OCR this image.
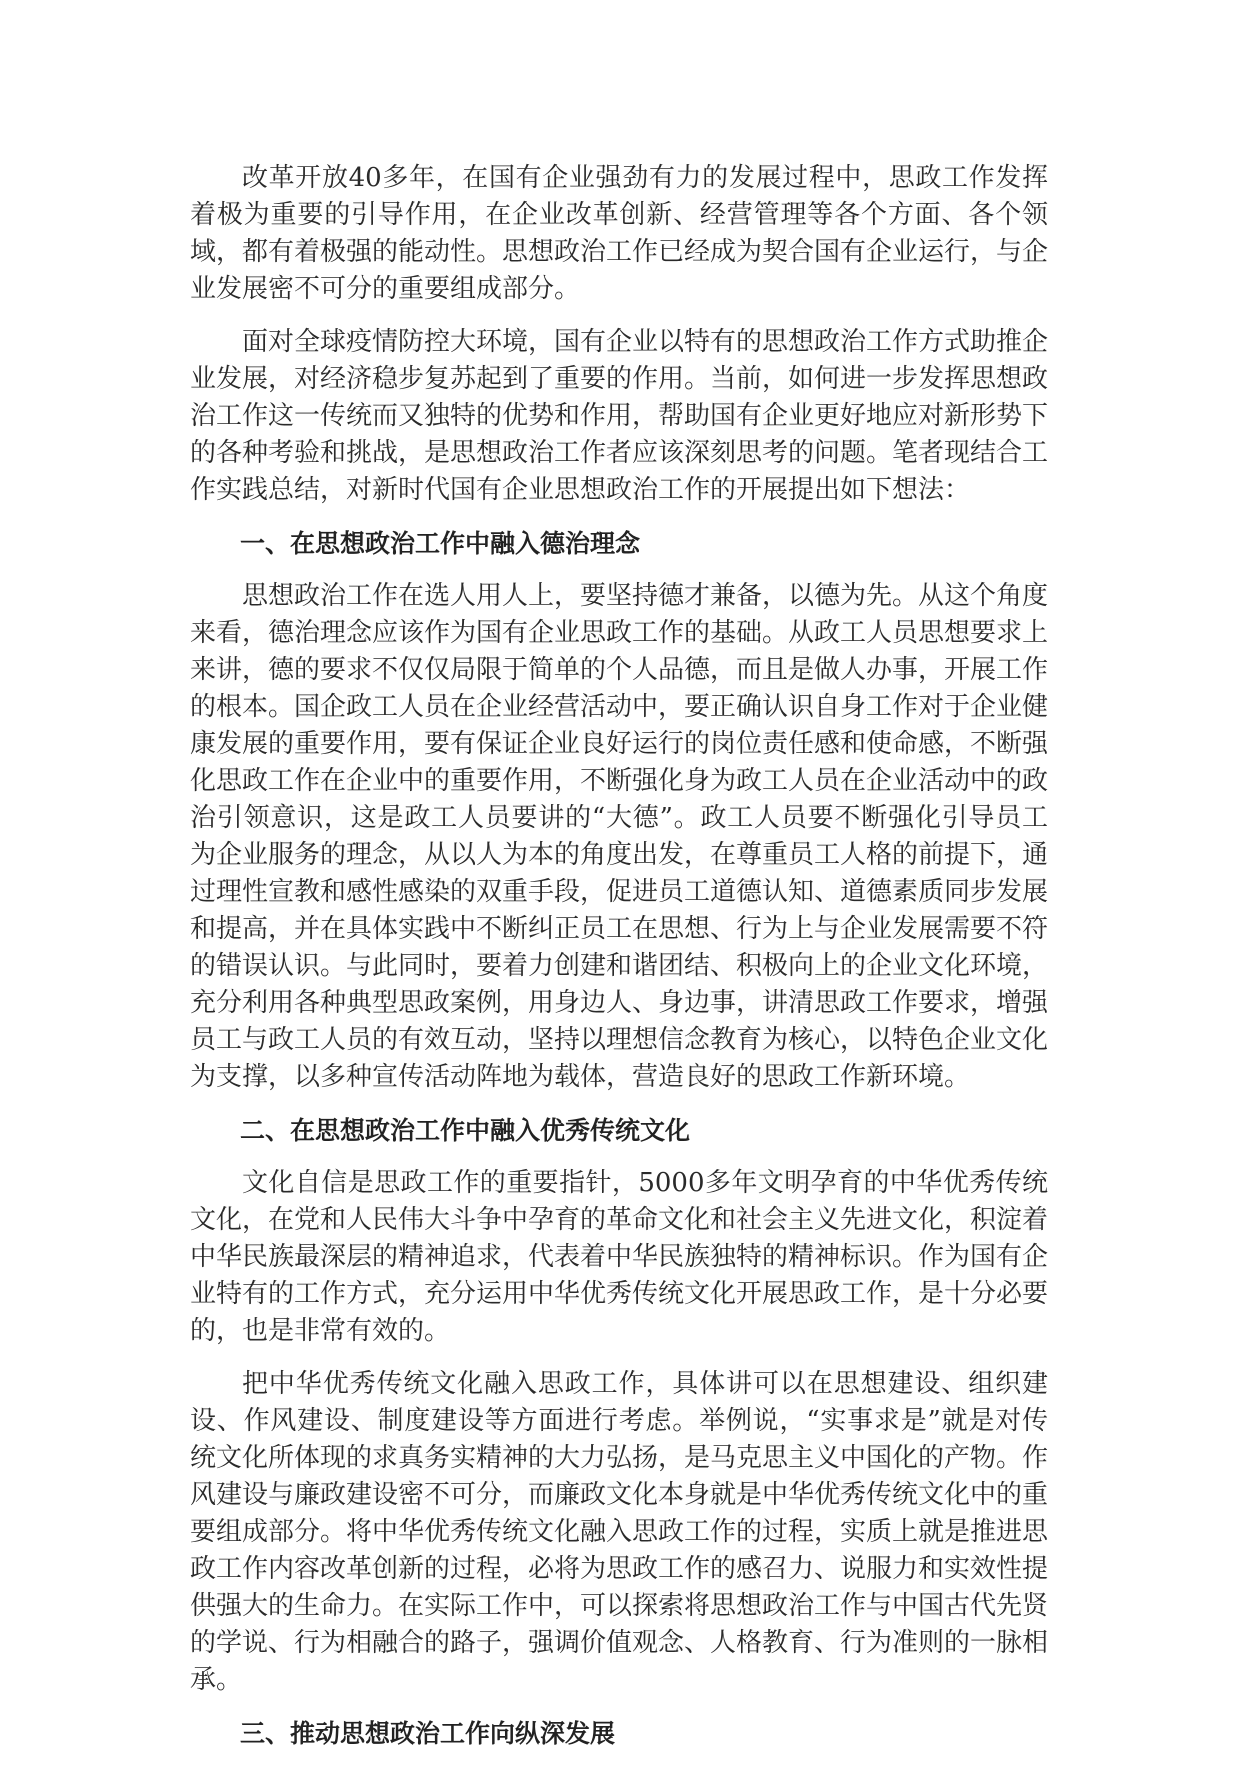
改革开放40多年，在国有企业强劲有力的发展过程中，思政工作发挥着极为重要的引导作用，在企业改革创新、经营管理等各个方面、各个领域，都有着极强的能动性。思想政治工作已经成为契合国有企业运行，与企业发展密不可分的重要组成部分。

面对全球疫情防控大环境，国有企业以特有的思想政治工作方式助推企业发展，对经济稳步复苏起到了重要的作用。当前，如何进一步发挥思想政治工作这一传统而又独特的优势和作用，帮助国有企业更好地应对新形势下的各种考验和挑战，是思想政治工作者应该深刻思考的问题。笔者现结合工作实践总结，对新时代国有企业思想政治工作的开展提出如下想法：

一、在思想政治工作中融入德治理念

思想政治工作在选人用人上，要坚持德才兼备，以德为先。从这个角度来看，德治理念应该作为国有企业思政工作的基础。从政工人员思想要求上来讲，德的要求不仅仅局限于简单的个人品德，而且是做人办事，开展工作的根本。国企政工人员在企业经营活动中，要正确认识自身工作对于企业健康发展的重要作用，要有保证企业良好运行的岗位责任感和使命感，不断强化思政工作在企业中的重要作用，不断强化身为政工人员在企业活动中的政治引领意识，这是政工人员要讲的“大德”。政工人员要不断强化引导员工为企业服务的理念，从以人为本的角度出发，在尊重员工人格的前提下，通过理性宣教和感性感染的双重手段，促进员工道德认知、道德素质同步发展和提高，并在具体实践中不断纠正员工在思想、行为上与企业发展需要不符的错误认识。与此同时，要着力创建和谐团结、积极向上的企业文化环境，充分利用各种典型思政案例，用身边人、身边事，讲清思政工作要求，增强员工与政工人员的有效互动，坚持以理想信念教育为核心，以特色企业文化为支撑，以多种宣传活动阵地为载体，营造良好的思政工作新环境。

二、在思想政治工作中融入优秀传统文化

文化自信是思政工作的重要指针，5000多年文明孕育的中华优秀传统文化，在党和人民伟大斗争中孕育的革命文化和社会主义先进文化，积淀着中华民族最深层的精神追求，代表着中华民族独特的精神标识。作为国有企业特有的工作方式，充分运用中华优秀传统文化开展思政工作，是十分必要的，也是非常有效的。

把中华优秀传统文化融入思政工作，具体讲可以在思想建设、组织建设、作风建设、制度建设等方面进行考虑。举例说，“实事求是”就是对传统文化所体现的求真务实精神的大力弘扬，是马克思主义中国化的产物。作风建设与廉政建设密不可分，而廉政文化本身就是中华优秀传统文化中的重要组成部分。将中华优秀传统文化融入思政工作的过程，实质上就是推进思政工作内容改革创新的过程，必将为思政工作的感召力、说服力和实效性提供强大的生命力。在实际工作中，可以探索将思想政治工作与中国古代先贤的学说、行为相融合的路子，强调价值观念、人格教育、行为准则的一脉相承。

三、推动思想政治工作向纵深发展
